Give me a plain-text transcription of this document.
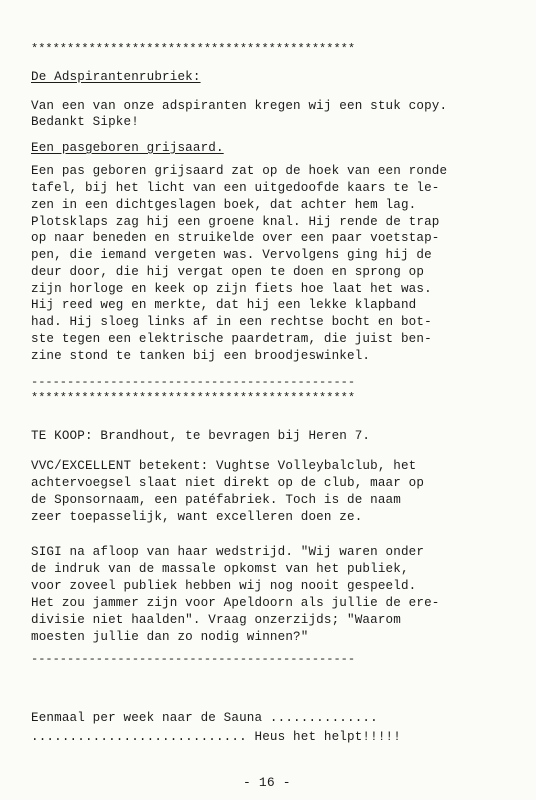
*********************************************
De Adspirantenrubriek:
Van een van onze adspiranten kregen wij een stuk copy.
Bedankt Sipke!
Een pasgeboren grijsaard.
Een pas geboren grijsaard zat op de hoek van een ronde
tafel, bij het licht van een uitgedoofde kaars te le-
zen in een dichtgeslagen boek, dat achter hem lag.
Plotsklaps zag hij een groene knal. Hij rende de trap
op naar beneden en struikelde over een paar voetstap-
pen, die iemand vergeten was. Vervolgens ging hij de
deur door, die hij vergat open te doen en sprong op
zijn horloge en keek op zijn fiets hoe laat het was.
Hij reed weg en merkte, dat hij een lekke klapband
had. Hij sloeg links af in een rechtse bocht en bot-
ste tegen een elektrische paardetram, die juist ben-
zine stond te tanken bij een broodjeswinkel.
---------------------------------------------
*********************************************
TE KOOP: Brandhout, te bevragen bij Heren 7.
VVC/EXCELLENT betekent: Vughtse Volleybalclub, het
achtervoegsel slaat niet direkt op de club, maar op
de Sponsornaam, een patéfabriek. Toch is de naam
zeer toepasselijk, want excelleren doen ze.
SIGI na afloop van haar wedstrijd. "Wij waren onder
de indruk van de massale opkomst van het publiek,
voor zoveel publiek hebben wij nog nooit gespeeld.
Het zou jammer zijn voor Apeldoorn als jullie de ere-
divisie niet haalden". Vraag onzerzijds; "Waarom
moesten jullie dan zo nodig winnen?"
---------------------------------------------
Eenmaal per week naar de Sauna ..............
............................ Heus het helpt!!!!!
- 16 -
